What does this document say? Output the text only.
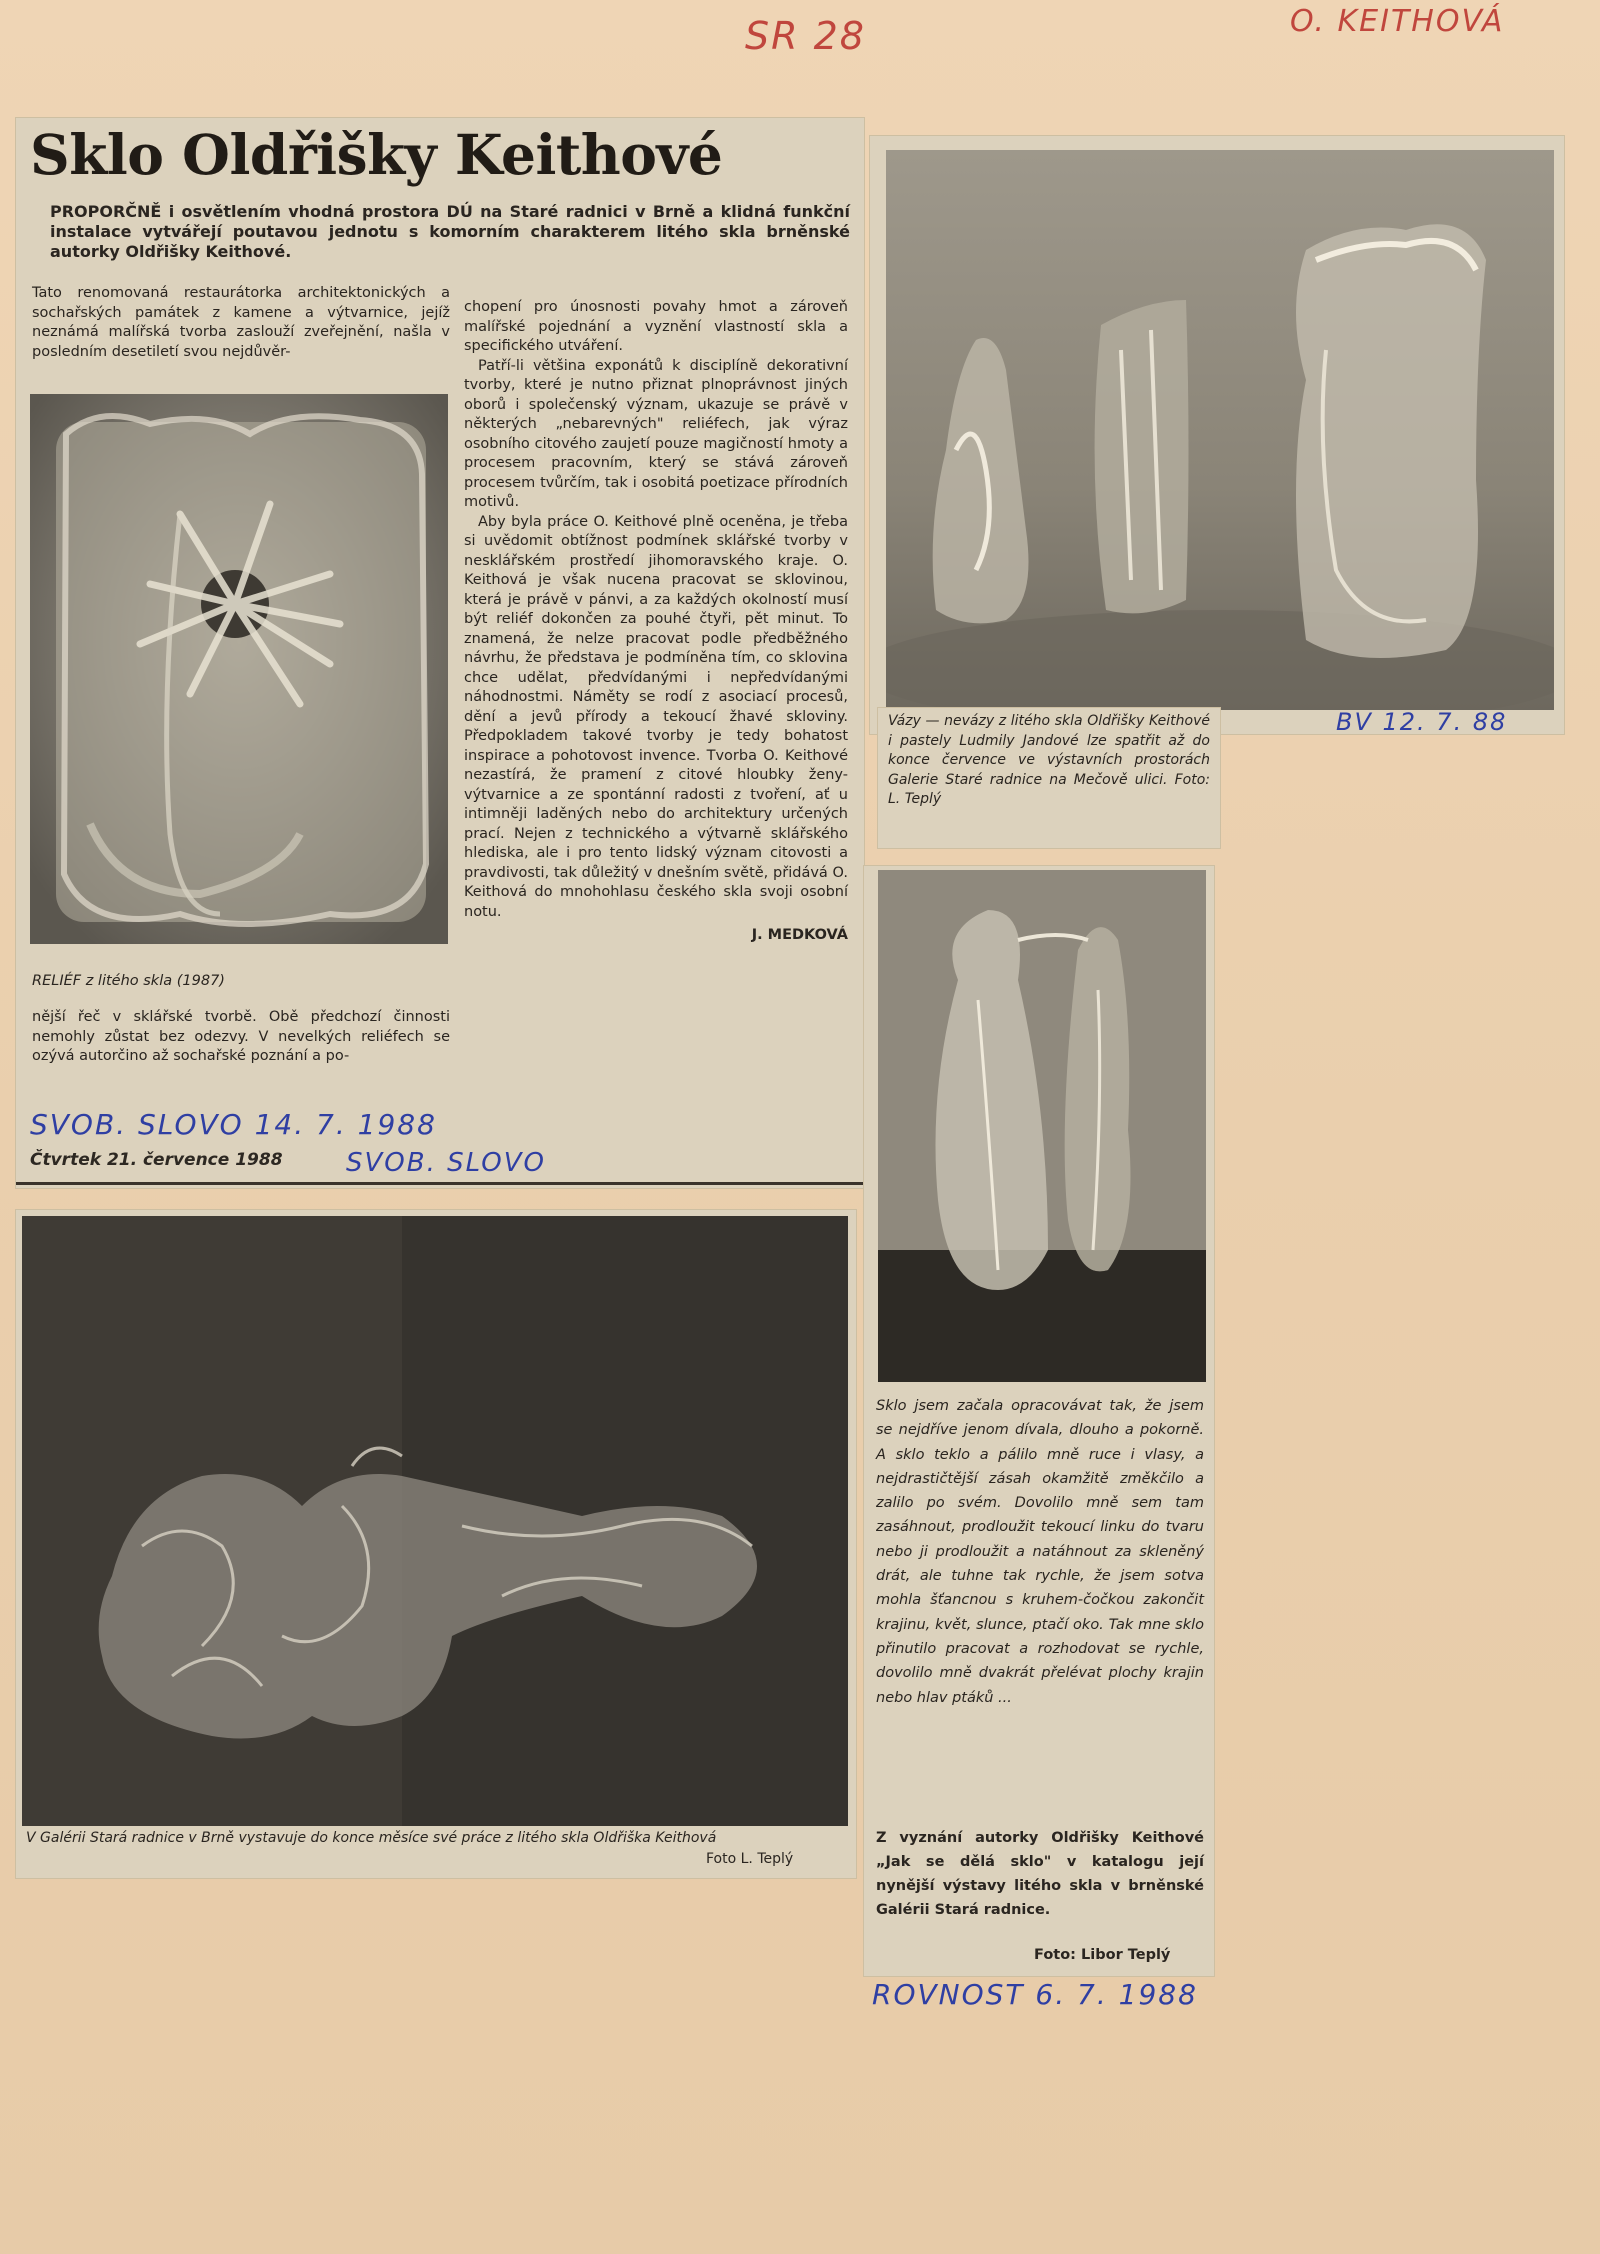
SR 28	O. KEITHOVÁ
Sklo Oldřišky Keithové
PROPORČNĚ i osvětlením vhodná prostora DÚ na Staré radnici v Brně a klidná funkční instalace vytvářejí poutavou jednotu s komorním charakterem litého skla brněnské autorky Oldřišky Keithové.
Tato renomovaná restaurátorka architektonických a sochařských památek z kamene a výtvarnice, jejíž neznámá malířská tvorba zaslouží zveřejnění, našla v posledním desetiletí svou nejdůvěr-
RELIÉF z litého skla (1987)
nější řeč v sklářské tvorbě. Obě předchozí činnosti nemohly zůstat bez odezvy. V nevelkých reliéfech se ozývá autorčino až sochařské poznání a po-
chopení pro únosnosti povahy hmot a zároveň malířské pojednání a vyznění vlastností skla a specifického utváření.
Patří-li většina exponátů k disciplíně dekorativní tvorby, které je nutno přiznat plnoprávnost jiných oborů i společenský význam, ukazuje se právě v některých „nebarevných" reliéfech, jak výraz osobního citového zaujetí pouze magičností hmoty a procesem pracovním, který se stává zároveň procesem tvůrčím, tak i osobitá poetizace přírodních motivů.
Aby byla práce O. Keithové plně oceněna, je třeba si uvědomit obtížnost podmínek sklářské tvorby v nesklářském prostředí jihomoravského kraje. O. Keithová je však nucena pracovat se sklovinou, která je právě v pánvi, a za každých okolností musí být reliéf dokončen za pouhé čtyři, pět minut. To znamená, že nelze pracovat podle předběžného návrhu, že představa je podmíněna tím, co sklovina chce udělat, předvídanými i nepředvídanými náhodnostmi. Náměty se rodí z asociací procesů, dění a jevů přírody a tekoucí žhavé skloviny. Předpokladem takové tvorby je tedy bohatost inspirace a pohotovost invence. Tvorba O. Keithové nezastírá, že pramení z citové hloubky ženy-výtvarnice a ze spontánní radosti z tvoření, ať u intimněji laděných nebo do architektury určených prací. Nejen z technického a výtvarně sklářského hlediska, ale i pro tento lidský význam citovosti a pravdivosti, tak důležitý v dnešním světě, přidává O. Keithová do mnohohlasu českého skla svoji osobní notu.
J. MEDKOVÁ
SVOB. SLOVO 14. 7. 1988
Čtvrtek 21. července 1988 SVOB. SLOVO
BV 12. 7. 88
Vázy — nevázy z litého skla Oldřišky Keithové i pastely Ludmily Jandové lze spatřit až do konce července ve výstavních prostorách Galerie Staré radnice na Mečově ulici. Foto: L. Teplý
V Galérii Stará radnice v Brně vystavuje do konce měsíce své práce z litého skla Oldřiška Keithová
Foto L. Teplý
Sklo jsem začala opracovávat tak, že jsem se nejdříve jenom dívala, dlouho a pokorně. A sklo teklo a pálilo mně ruce i vlasy, a nejdrastičtější zásah okamžitě změkčilo a zalilo po svém. Dovolilo mně sem tam zasáhnout, prodloužit tekoucí linku do tvaru nebo ji prodloužit a natáhnout za skleněný drát, ale tuhne tak rychle, že jsem sotva mohla šťancnou s kruhem-čočkou zakončit krajinu, květ, slunce, ptačí oko. Tak mne sklo přinutilo pracovat a rozhodovat se rychle, dovolilo mně dvakrát přelévat plochy krajin nebo hlav ptáků ...
Z vyznání autorky Oldřišky Keithové „Jak se dělá sklo" v katalogu její nynější výstavy litého skla v brněnské Galérii Stará radnice.
Foto: Libor Teplý
ROVNOST 6. 7. 1988
